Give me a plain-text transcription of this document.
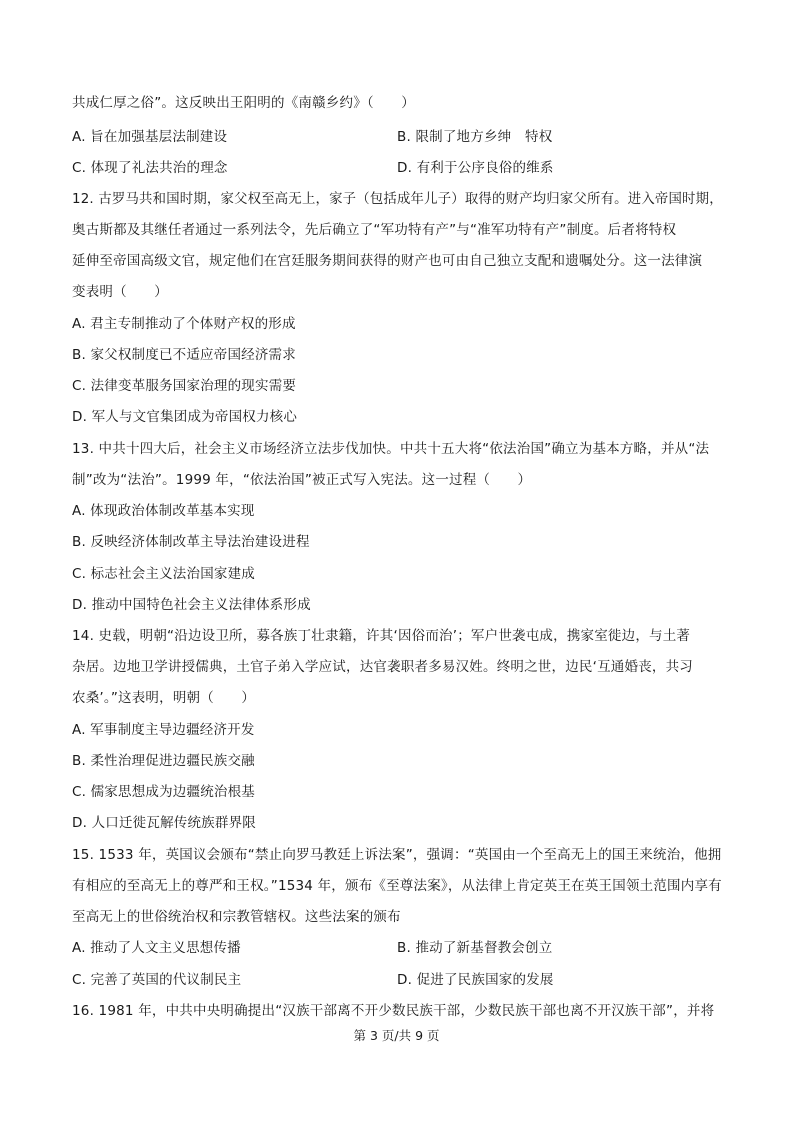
共成仁厚之俗”。这反映出王阳明的《南赣乡约》（　　）
A. 旨在加强基层法制建设	B. 限制了地方乡绅　特权
C. 体现了礼法共治的理念	D. 有利于公序良俗的维系
12. 古罗马共和国时期，家父权至高无上，家子（包括成年儿子）取得的财产均归家父所有。进入帝国时期，
奥古斯都及其继任者通过一系列法令，先后确立了“军功特有产”与“准军功特有产”制度。后者将特权
延伸至帝国高级文官，规定他们在宫廷服务期间获得的财产也可由自己独立支配和遗嘱处分。这一法律演
变表明（　　）
A. 君主专制推动了个体财产权的形成
B. 家父权制度已不适应帝国经济需求
C. 法律变革服务国家治理的现实需要
D. 军人与文官集团成为帝国权力核心
13. 中共十四大后，社会主义市场经济立法步伐加快。中共十五大将“依法治国”确立为基本方略，并从“法
制”改为“法治”。1999 年，“依法治国”被正式写入宪法。这一过程（　　）
A. 体现政治体制改革基本实现
B. 反映经济体制改革主导法治建设进程
C. 标志社会主义法治国家建成
D. 推动中国特色社会主义法律体系形成
14. 史载，明朝“沿边设卫所，募各族丁壮隶籍，许其‘因俗而治’；军户世袭屯成，携家室徙边，与土著
杂居。边地卫学讲授儒典，土官子弟入学应试，达官袭职者多易汉姓。终明之世，边民‘互通婚丧，共习
农桑’。”这表明，明朝（　　）
A. 军事制度主导边疆经济开发
B. 柔性治理促进边疆民族交融
C. 儒家思想成为边疆统治根基
D. 人口迁徙瓦解传统族群界限
15. 1533 年，英国议会颁布“禁止向罗马教廷上诉法案”，强调：“英国由一个至高无上的国王来统治，他拥
有相应的至高无上的尊严和王权。”1534 年，颁布《至尊法案》，从法律上肯定英王在英王国领土范围内享有
至高无上的世俗统治权和宗教管辖权。这些法案的颁布
A. 推动了人文主义思想传播	B. 推动了新基督教会创立
C. 完善了英国的代议制民主	D. 促进了民族国家的发展
16. 1981 年，中共中央明确提出“汉族干部离不开少数民族干部，少数民族干部也离不开汉族干部”，并将
第 3 页/共 9 页
